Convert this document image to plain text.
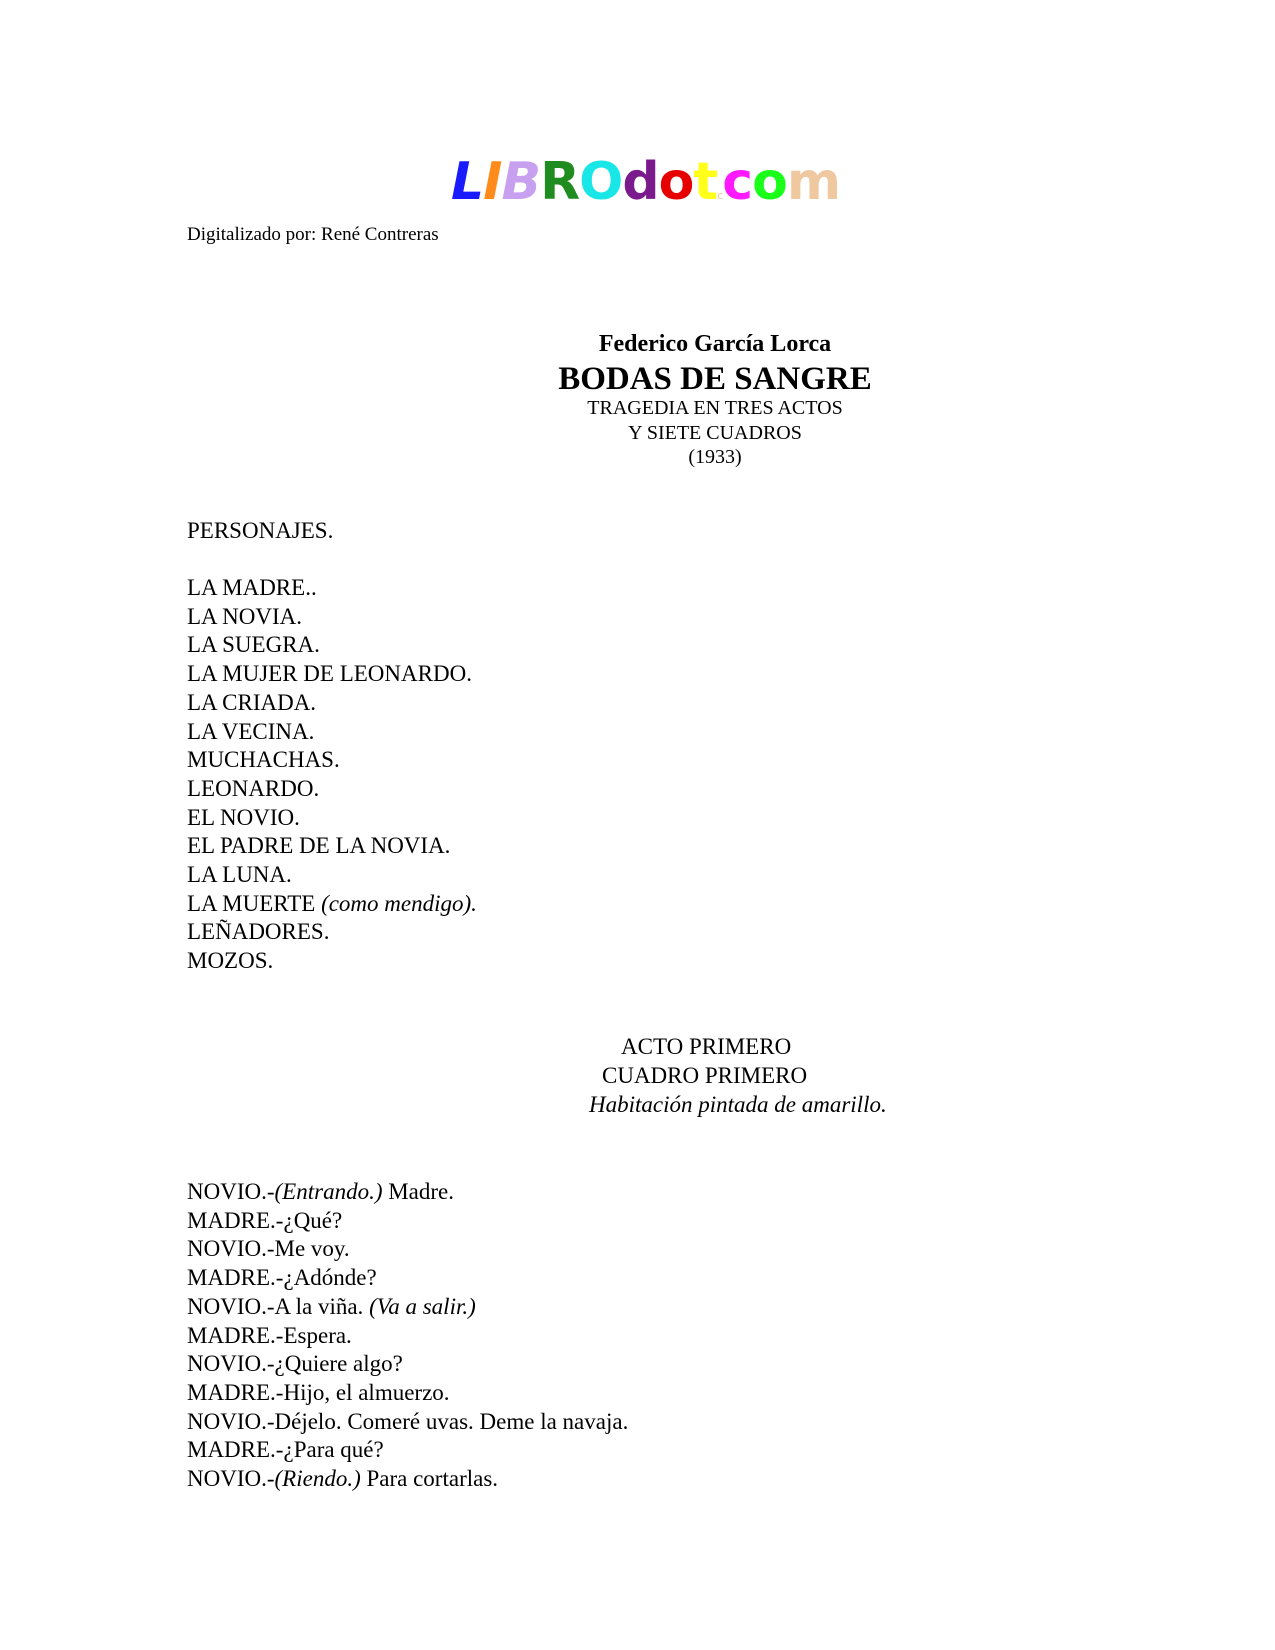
LIBROdotccom
Digitalizado por: René Contreras
Federico García Lorca
BODAS DE SANGRE
TRAGEDIA EN TRES ACTOS
Y SIETE CUADROS
(1933)
PERSONAJES.
LA MADRE..
LA NOVIA.
LA SUEGRA.
LA MUJER DE LEONARDO.
LA CRIADA.
LA VECINA.
MUCHACHAS.
LEONARDO.
EL NOVIO.
EL PADRE DE LA NOVIA.
LA LUNA.
LA MUERTE (como mendigo).
LEÑADORES.
MOZOS.
ACTO PRIMERO
CUADRO PRIMERO
Habitación pintada de amarillo.
NOVIO.-(Entrando.) Madre.
MADRE.-¿Qué?
NOVIO.-Me voy.
MADRE.-¿Adónde?
NOVIO.-A la viña. (Va a salir.)
MADRE.-Espera.
NOVIO.-¿Quiere algo?
MADRE.-Hijo, el almuerzo.
NOVIO.-Déjelo. Comeré uvas. Deme la navaja.
MADRE.-¿Para qué?
NOVIO.-(Riendo.) Para cortarlas.
